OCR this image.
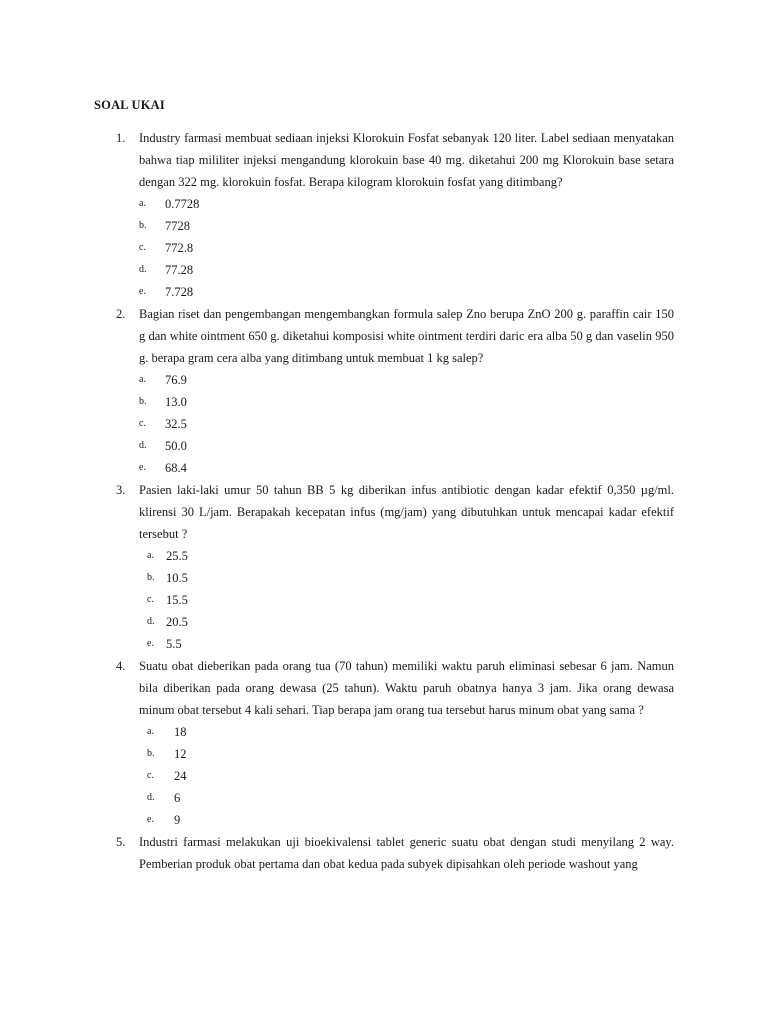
SOAL UKAI
1. Industry farmasi membuat sediaan injeksi Klorokuin Fosfat sebanyak 120 liter. Label sediaan menyatakan bahwa tiap mililiter injeksi mengandung klorokuin base 40 mg. diketahui 200 mg Klorokuin base setara dengan 322 mg. klorokuin fosfat. Berapa kilogram klorokuin fosfat yang ditimbang?
a. 0.7728
b. 7728
c. 772.8
d. 77.28
e. 7.728
2. Bagian riset dan pengembangan mengembangkan formula salep Zno berupa ZnO 200 g. paraffin cair 150 g dan white ointment 650 g. diketahui komposisi white ointment terdiri daric era alba 50 g dan vaselin 950 g. berapa gram cera alba yang ditimbang untuk membuat 1 kg salep?
a. 76.9
b. 13.0
c. 32.5
d. 50.0
e. 68.4
3. Pasien laki-laki umur 50 tahun BB 5 kg diberikan infus antibiotic dengan kadar efektif 0,350 µg/ml. klirensi 30 L/jam. Berapakah kecepatan infus (mg/jam) yang dibutuhkan untuk mencapai kadar efektif tersebut ?
a. 25.5
b. 10.5
c. 15.5
d. 20.5
e. 5.5
4. Suatu obat dieberikan pada orang tua (70 tahun) memiliki waktu paruh eliminasi sebesar 6 jam. Namun bila diberikan pada orang dewasa (25 tahun). Waktu paruh obatnya hanya 3 jam. Jika orang dewasa minum obat tersebut 4 kali sehari. Tiap berapa jam orang tua tersebut harus minum obat yang sama ?
a. 18
b. 12
c. 24
d. 6
e. 9
5. Industri farmasi melakukan uji bioekivalensi tablet generic suatu obat dengan studi menyilang 2 way. Pemberian produk obat pertama dan obat kedua pada subyek dipisahkan oleh periode washout yang
